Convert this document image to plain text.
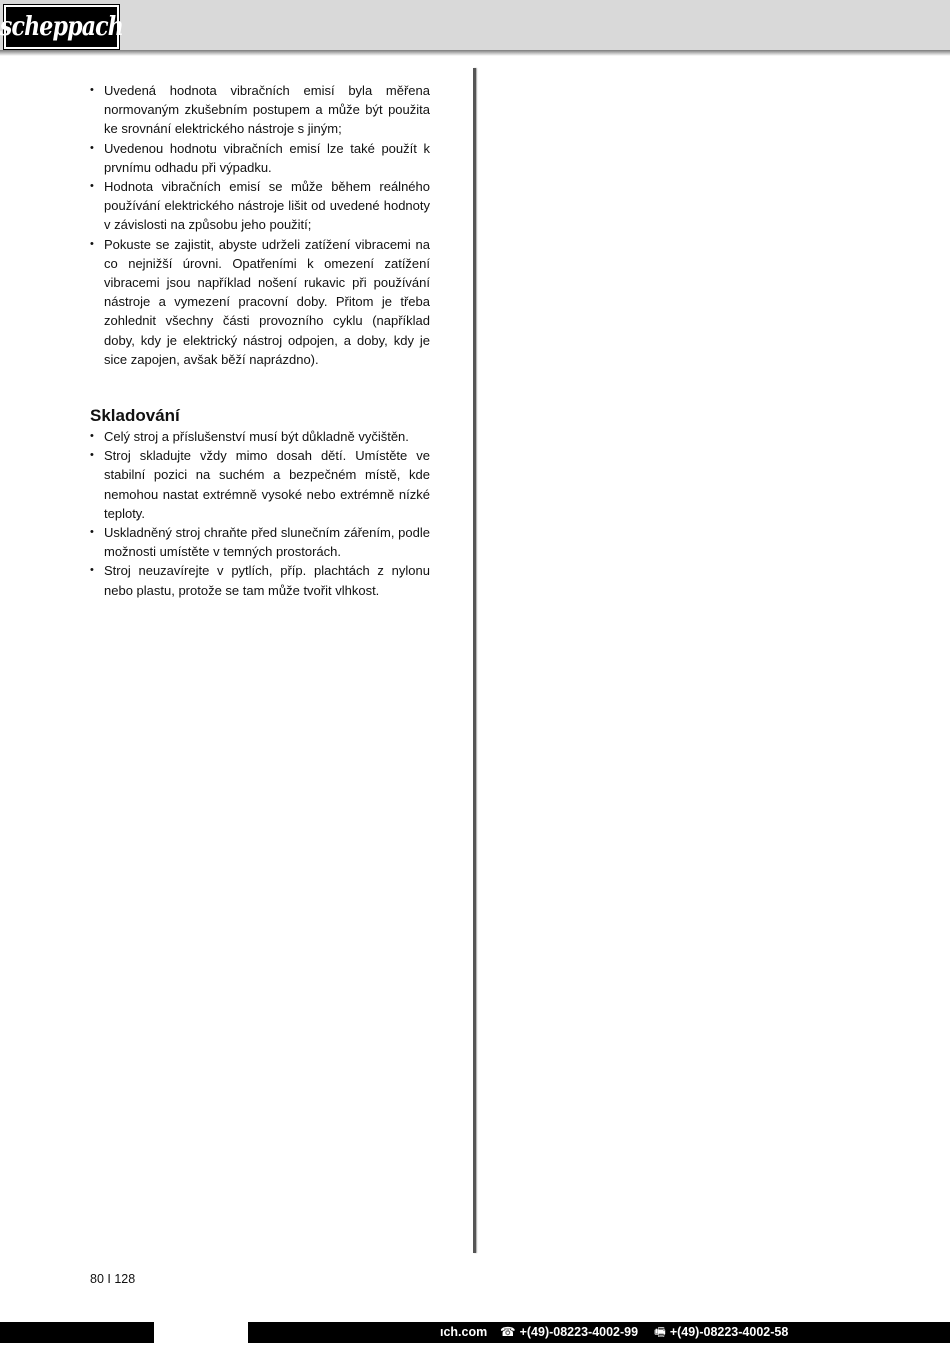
scheppach
• Uvedená hodnota vibračních emisí byla měřena normovaným zkušebním postupem a může být použita ke srovnání elektrického nástroje s jiným;
• Uvedenou hodnotu vibračních emisí lze také použít k prvnímu odhadu při výpadku.
• Hodnota vibračních emisí se může během reálného používání elektrického nástroje lišit od uvedené hodnoty v závislosti na způsobu jeho použití;
• Pokuste se zajistit, abyste udrželi zatížení vibracemi na co nejnižší úrovni. Opatřeními k omezení zatížení vibracemi jsou například nošení rukavic při používání nástroje a vymezení pracovní doby. Přitom je třeba zohlednit všechny části provozního cyklu (například doby, kdy je elektrický nástroj odpojen, a doby, kdy je sice zapojen, avšak běží naprázdno).
Skladování
• Celý stroj a příslušenství musí být důkladně vyčištěn.
• Stroj skladujte vždy mimo dosah dětí. Umístěte ve stabilní pozici na suchém a bezpečném místě, kde nemohou nastat extrémně vysoké nebo extrémně nízké teploty.
• Uskladněný stroj chraňte před slunečním zářením, podle možnosti umístěte v temných prostorách.
• Stroj neuzavírejte v pytlích, příp. plachtách z nylonu nebo plastu, protože se tam může tvořit vlhkost.
80 I 128
ıch.com ☎ +(49)-08223-4002-99 🖷 +(49)-08223-4002-58
